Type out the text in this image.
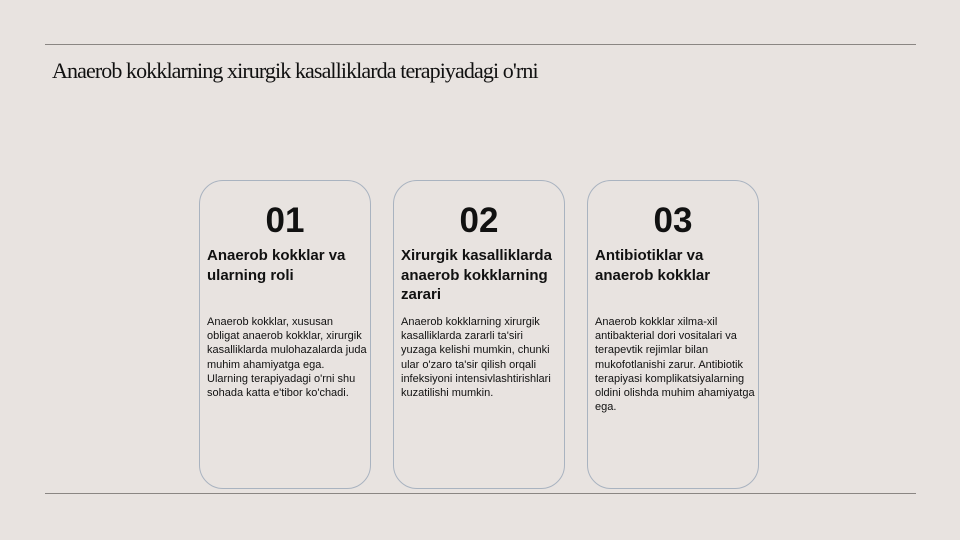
Anaerob kokklarning xirurgik kasalliklarda terapiyadagi o'rni
01
Anaerob kokklar va ularning roli
Anaerob kokklar, xususan obligat anaerob kokklar, xirurgik kasalliklarda mulohazalarda juda muhim ahamiyatga ega. Ularning terapiyadagi o'rni shu sohada katta e'tibor ko'chadi.
02
Xirurgik kasalliklarda anaerob kokklarning zarari
Anaerob kokklarning xirurgik kasalliklarda zararli ta'siri yuzaga kelishi mumkin, chunki ular o'zaro ta'sir qilish orqali infeksiyoni intensivlashtirishlari kuzatilishi mumkin.
03
Antibiotiklar va anaerob kokklar
Anaerob kokklar xilma-xil antibakterial dori vositalari va terapevtik rejimlar bilan mukofotlanishi zarur. Antibiotik terapiyasi komplikatsiyalarning oldini olishda muhim ahamiyatga ega.
